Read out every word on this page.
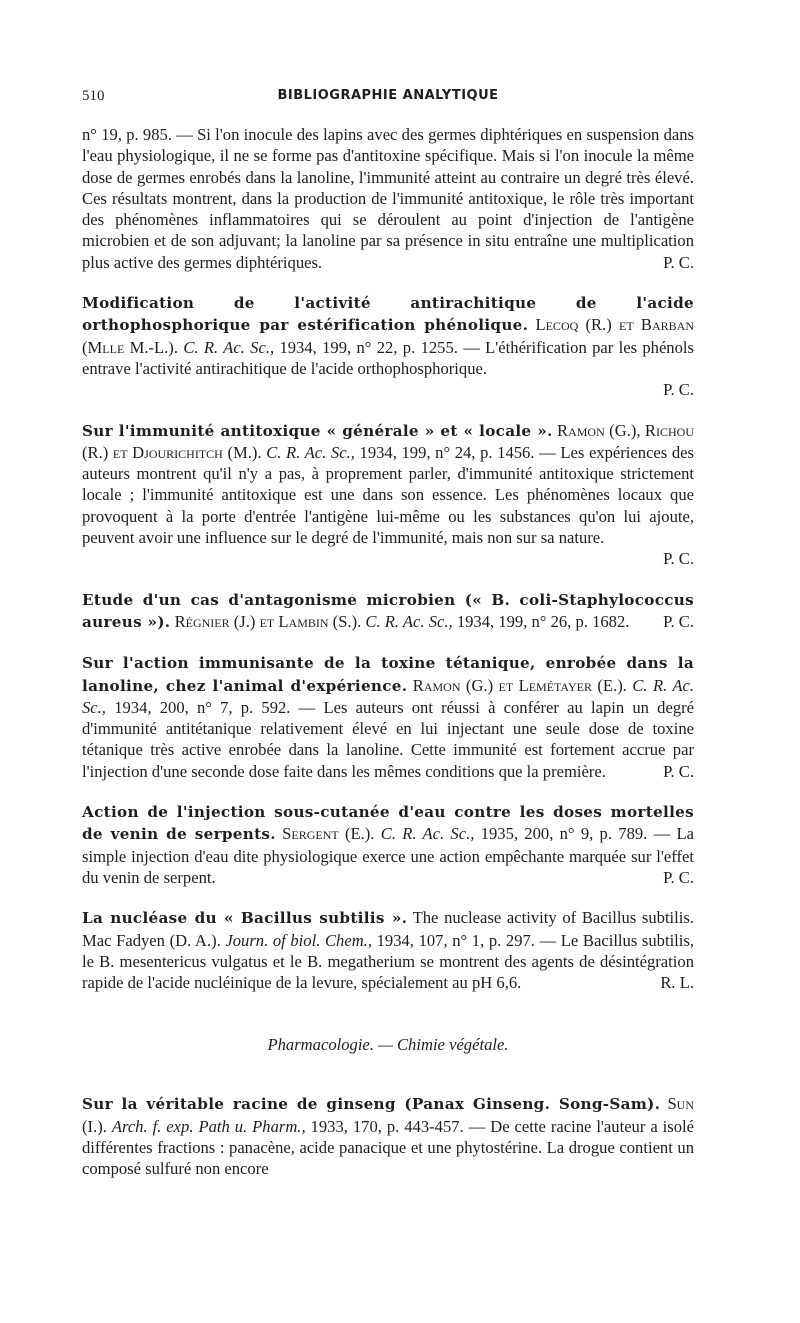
510	BIBLIOGRAPHIE ANALYTIQUE

n° 19, p. 985. — Si l'on inocule des lapins avec des germes diphtériques en suspension dans l'eau physiologique, il ne se forme pas d'antitoxine spécifique. Mais si l'on inocule la même dose de germes enrobés dans la lanoline, l'immunité atteint au contraire un degré très élevé. Ces résultats montrent, dans la production de l'immunité antitoxique, le rôle très important des phénomènes inflammatoires qui se déroulent au point d'injection de l'antigène microbien et de son adjuvant; la lanoline par sa présence in situ entraîne une multiplication plus active des germes diphtériques.	P. C.

Modification de l'activité antirachitique de l'acide orthophosphorique par estérification phénolique. Lecoq (R.) et Barban (Mlle M.-L.). C. R. Ac. Sc., 1934, 199, n° 22, p. 1255. — L'éthérification par les phénols entrave l'activité antirachitique de l'acide orthophosphorique.
P. C.

Sur l'immunité antitoxique « générale » et « locale ». Ramon (G.), Richou (R.) et Djourichitch (M.). C. R. Ac. Sc., 1934, 199, n° 24, p. 1456. — Les expériences des auteurs montrent qu'il n'y a pas, à proprement parler, d'immunité antitoxique strictement locale ; l'immunité antitoxique est une dans son essence. Les phénomènes locaux que provoquent à la porte d'entrée l'antigène lui-même ou les substances qu'on lui ajoute, peuvent avoir une influence sur le degré de l'immunité, mais non sur sa nature.
P. C.

Etude d'un cas d'antagonisme microbien (« B. coli-Staphylococcus aureus »). Régnier (J.) et Lambin (S.). C. R. Ac. Sc., 1934, 199, n° 26, p. 1682. P. C.

Sur l'action immunisante de la toxine tétanique, enrobée dans la lanoline, chez l'animal d'expérience. Ramon (G.) et Lemétayer (E.). C. R. Ac. Sc., 1934, 200, n° 7, p. 592. — Les auteurs ont réussi à conférer au lapin un degré d'immunité antitétanique relativement élevé en lui injectant une seule dose de toxine tétanique très active enrobée dans la lanoline. Cette immunité est fortement accrue par l'injection d'une seconde dose faite dans les mêmes conditions que la première.	P. C.

Action de l'injection sous-cutanée d'eau contre les doses mortelles de venin de serpents. Sergent (E.). C. R. Ac. Sc., 1935, 200, n° 9, p. 789. — La simple injection d'eau dite physiologique exerce une action empêchante marquée sur l'effet du venin de serpent.	P. C.

La nucléase du « Bacillus subtilis ». The nuclease activity of Bacillus subtilis. Mac Fadyen (D. A.). Journ. of biol. Chem., 1934, 107, n° 1, p. 297. — Le Bacillus subtilis, le B. mesentericus vulgatus et le B. megatherium se montrent des agents de désintégration rapide de l'acide nucléinique de la levure, spécialement au pH 6,6.	R. L.

Pharmacologie. — Chimie végétale.

Sur la véritable racine de ginseng (Panax Ginseng. Song-Sam). Sun (I.). Arch. f. exp. Path u. Pharm., 1933, 170, p. 443-457. — De cette racine l'auteur a isolé différentes fractions : panacène, acide panacique et une phytostérine. La drogue contient un composé sulfuré non encore
